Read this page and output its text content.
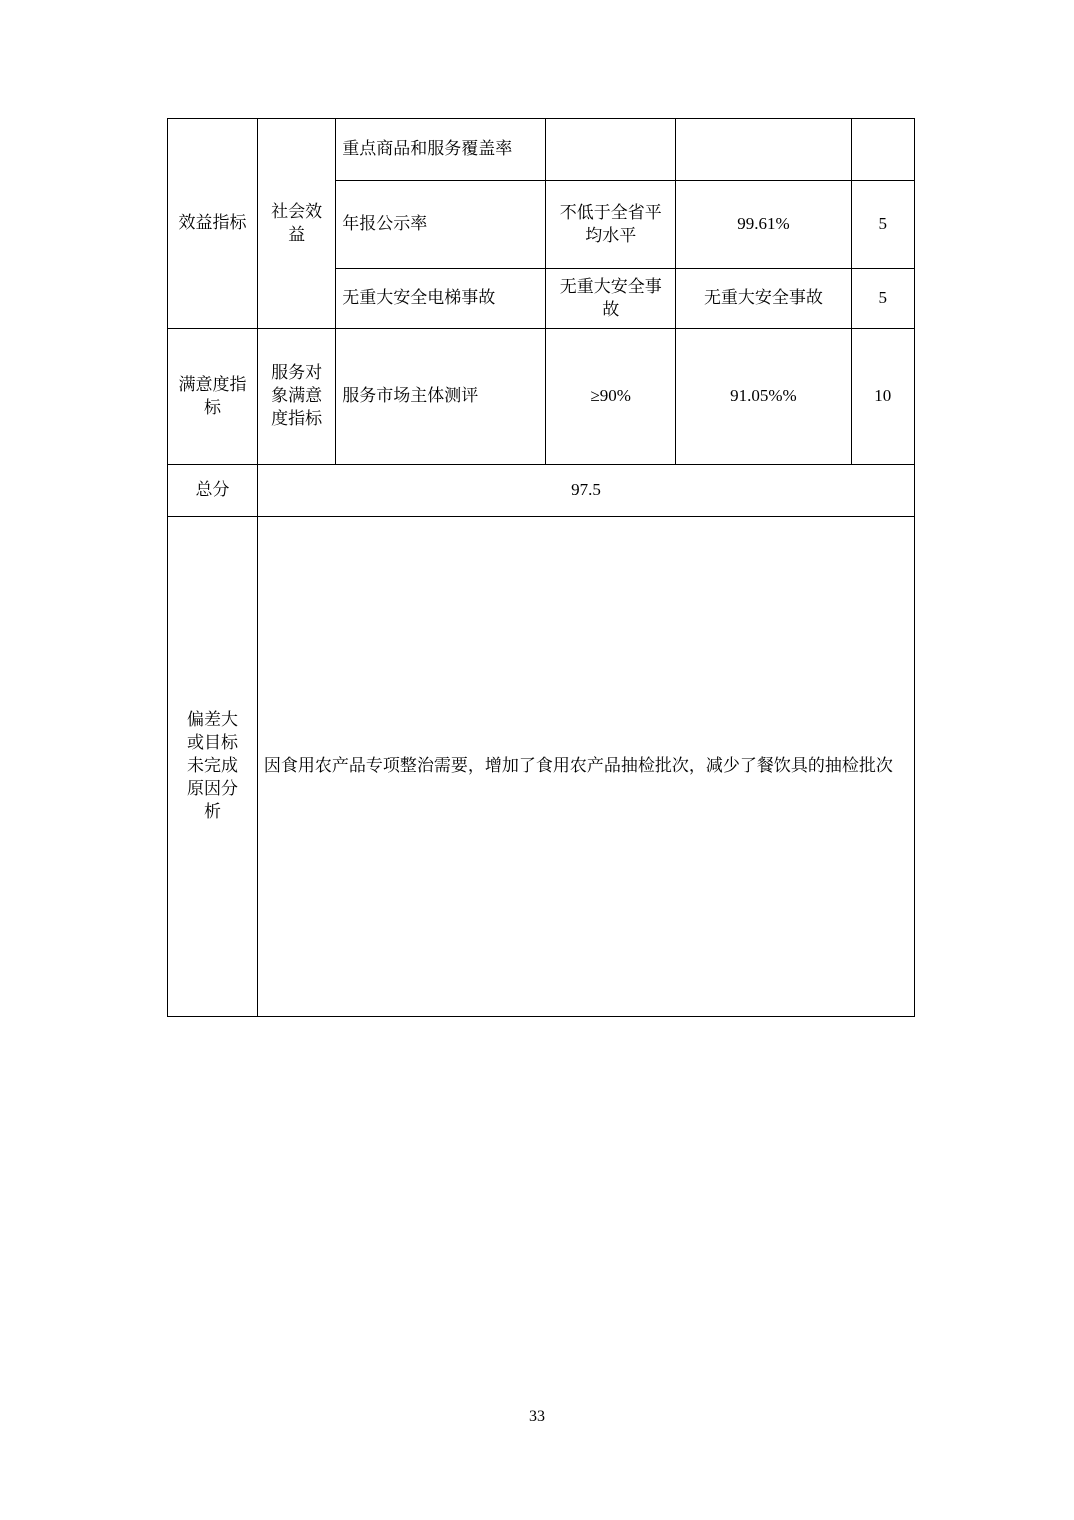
效益指标	社会效益	重点商品和服务覆盖率			
		年报公示率	不低于全省平均水平	99.61%	5
		无重大安全电梯事故	无重大安全事故	无重大安全事故	5
满意度指标	服务对象满意度指标	服务市场主体测评	≥90%	91.05%%	10
总分	97.5				
偏差大或目标未完成原因分析	因食用农产品专项整治需要，增加了食用农产品抽检批次，减少了餐饮具的抽检批次				
33
